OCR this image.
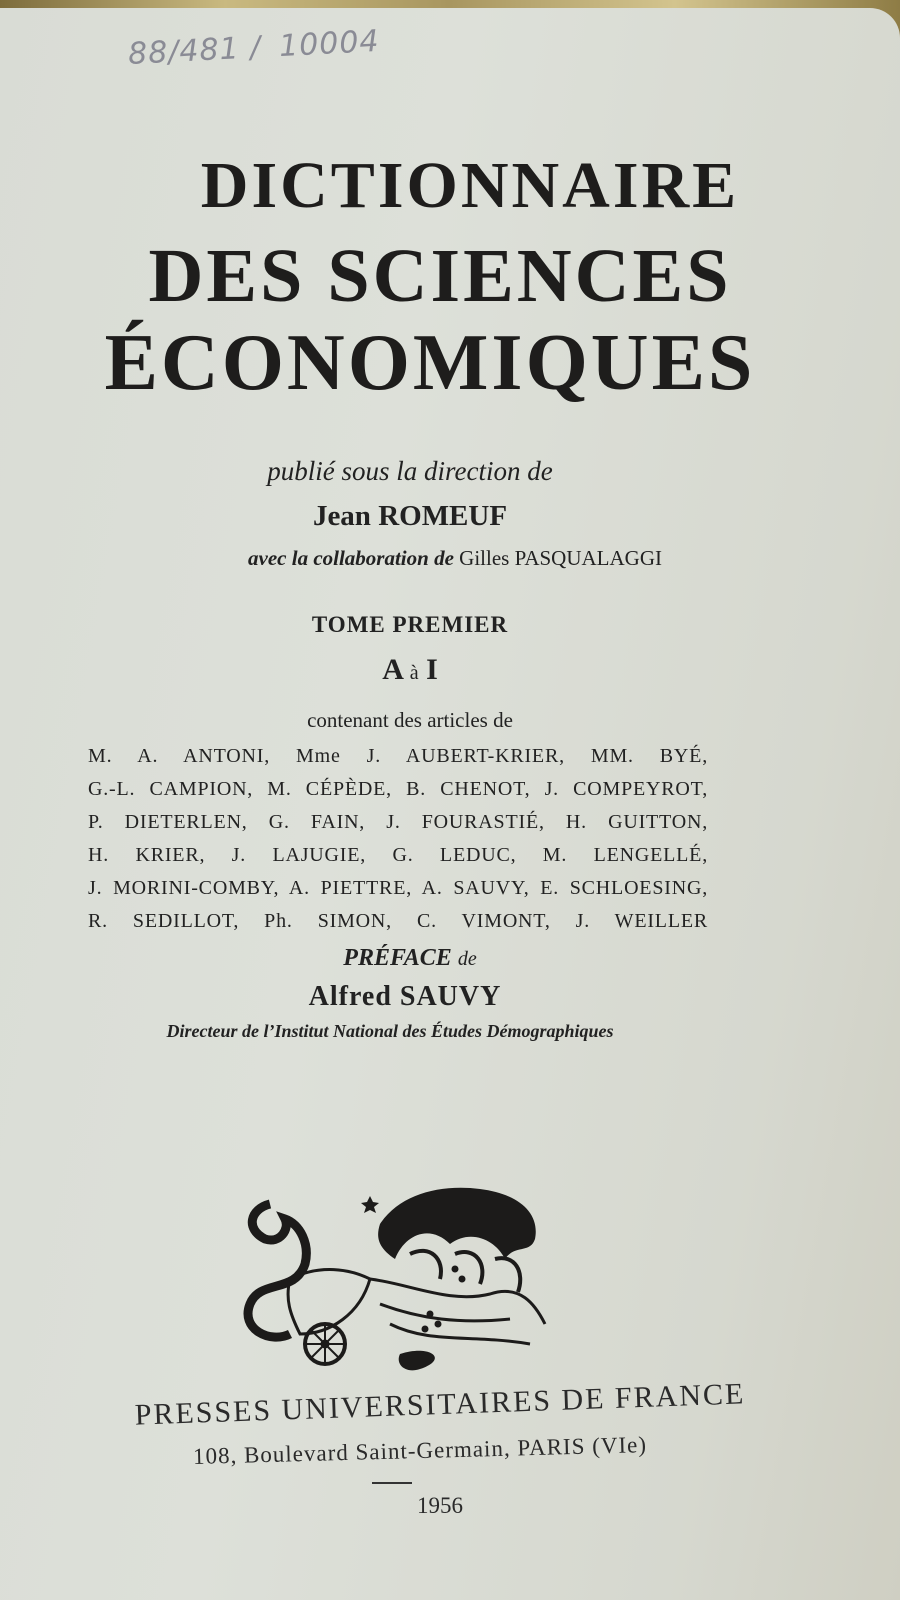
88/481 / 10004
DICTIONNAIRE
DES SCIENCES
ÉCONOMIQUES
publié sous la direction de
Jean ROMEUF
avec la collaboration de Gilles PASQUALAGGI
TOME PREMIER
A à I
contenant des articles de
M. A. ANTONI, Mme J. AUBERT-KRIER, MM. BYÉ,
G.-L. CAMPION, M. CÉPÈDE, B. CHENOT, J. COMPEYROT,
P. DIETERLEN, G. FAIN, J. FOURASTIÉ, H. GUITTON,
H. KRIER, J. LAJUGIE, G. LEDUC, M. LENGELLÉ,
J. MORINI-COMBY, A. PIETTRE, A. SAUVY, E. SCHLOESING,
R. SEDILLOT, Ph. SIMON, C. VIMONT, J. WEILLER
PRÉFACE de
Alfred SAUVY
Directeur de l’Institut National des Études Démographiques
PRESSES UNIVERSITAIRES DE FRANCE
108, Boulevard Saint-Germain, PARIS (VIe)
1956
